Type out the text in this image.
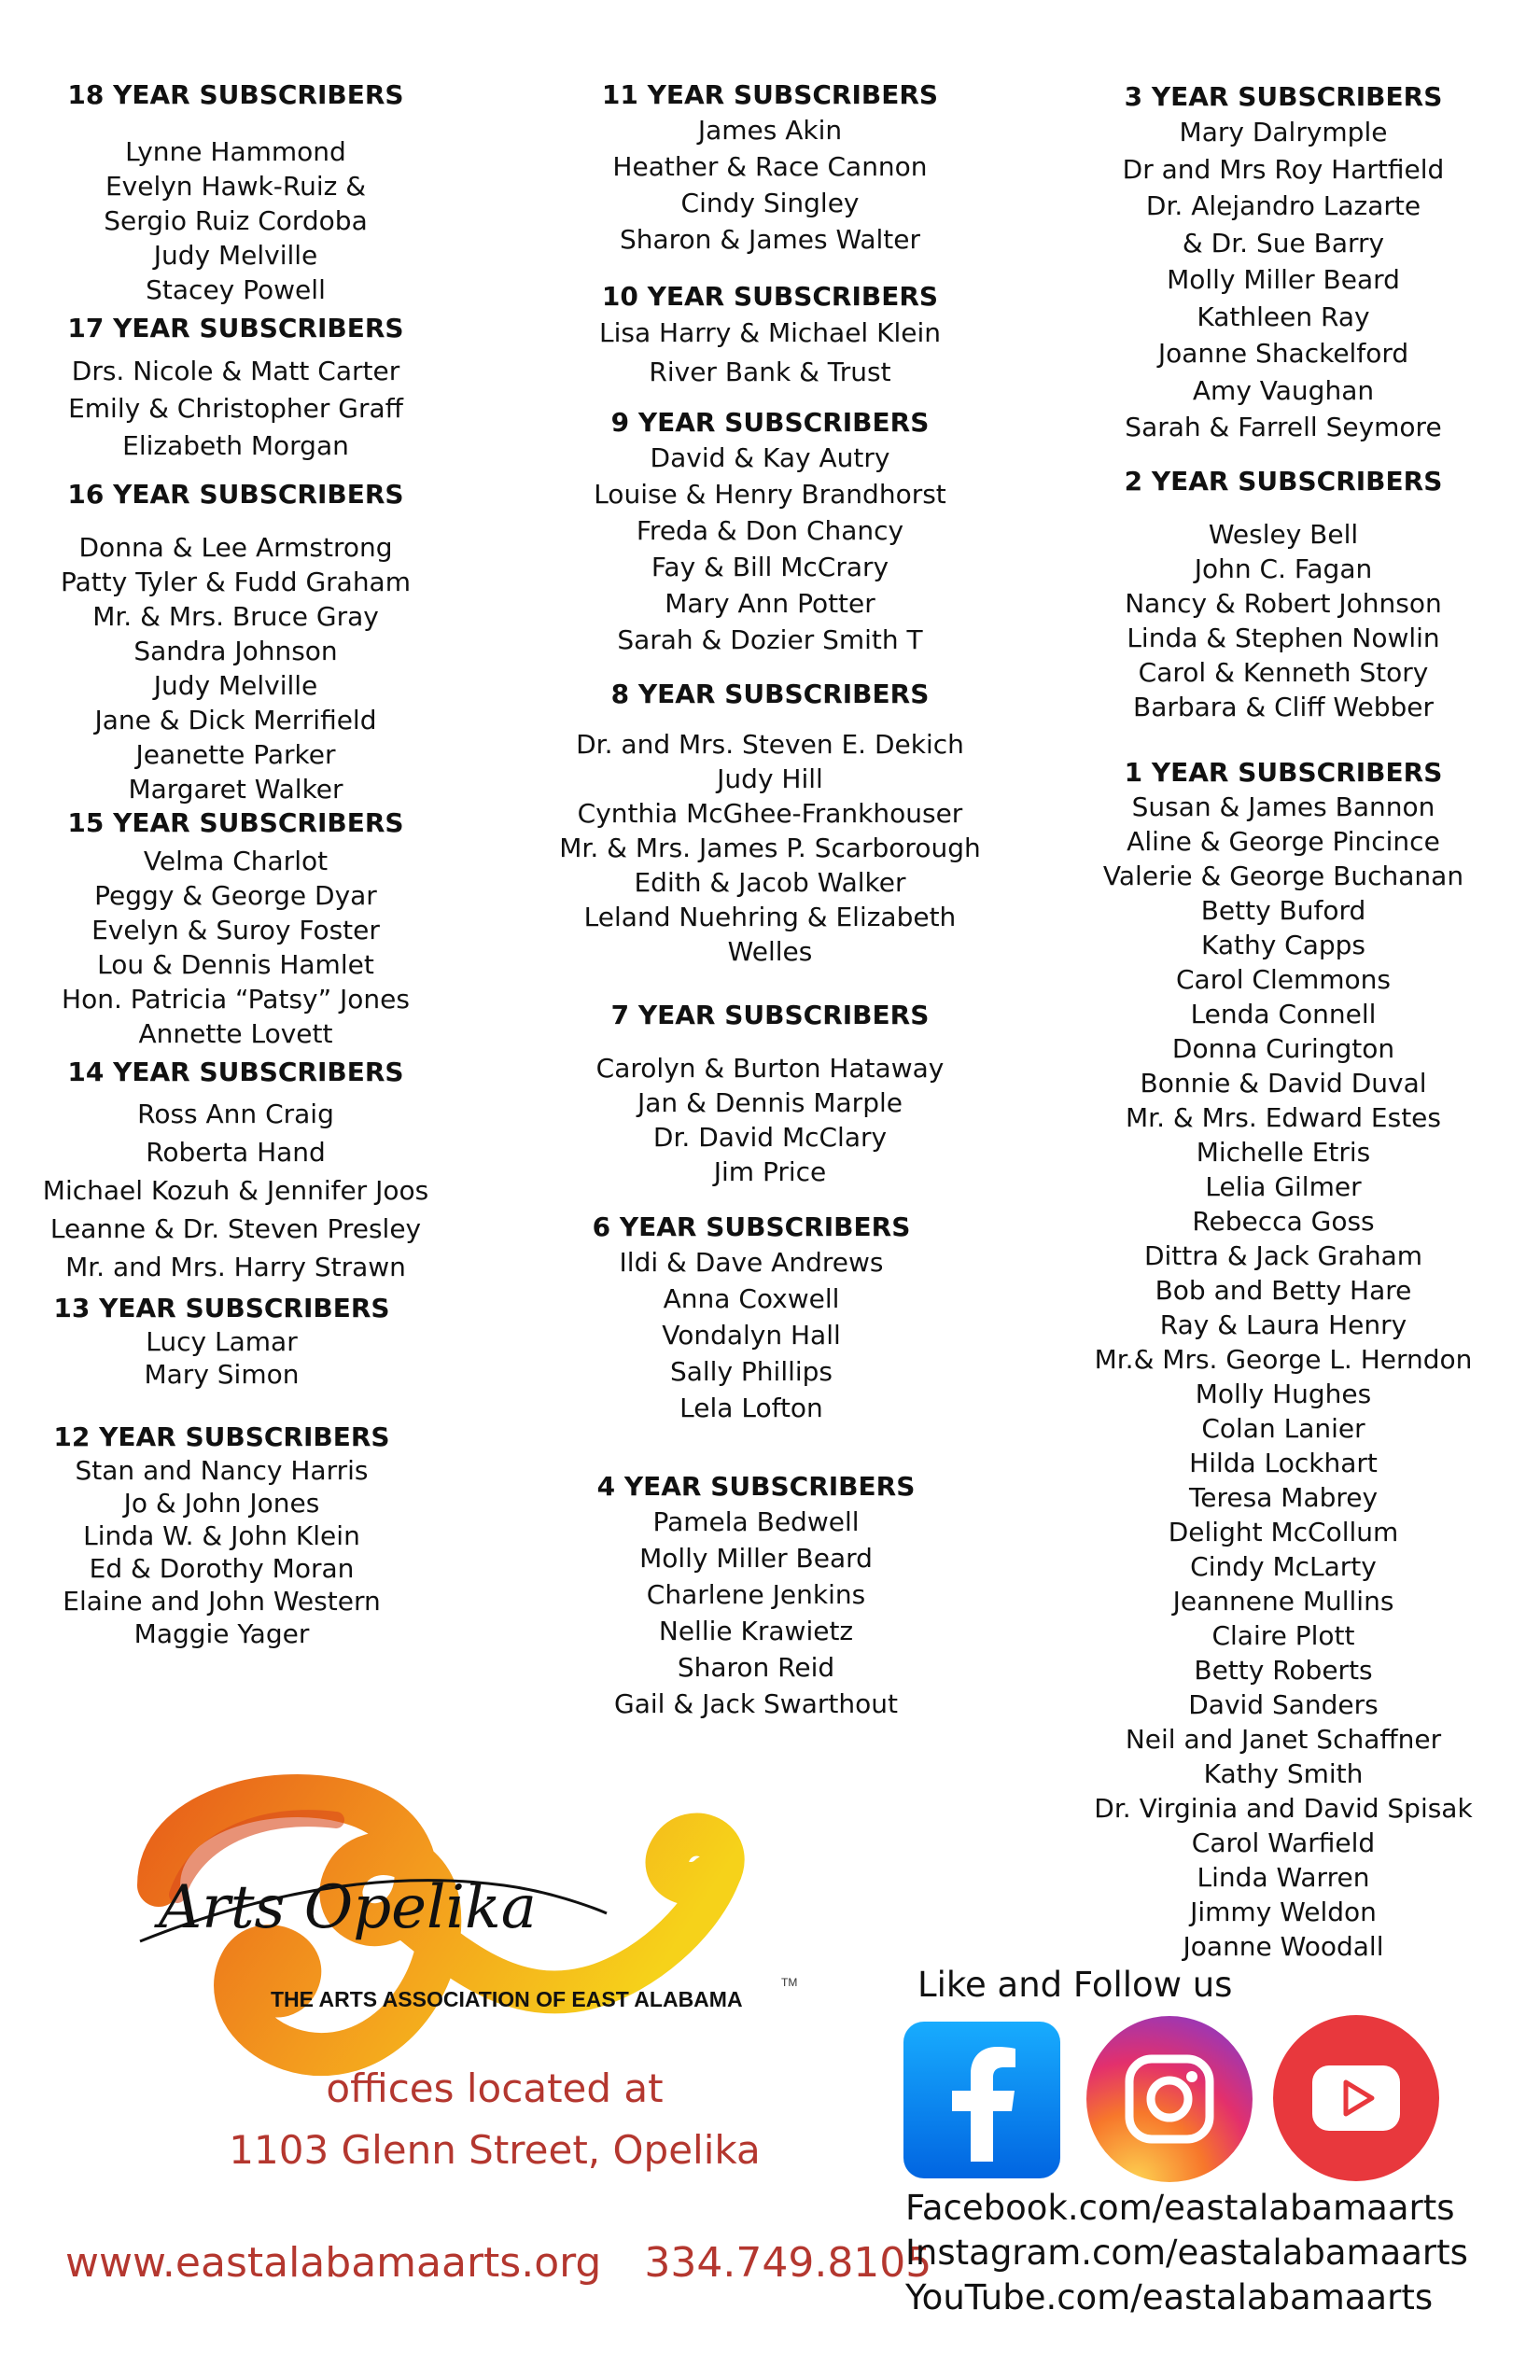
18 YEAR SUBSCRIBERS
Lynne Hammond
Evelyn Hawk-Ruiz &
Sergio Ruiz Cordoba
Judy Melville
Stacey Powell
17 YEAR SUBSCRIBERS
Drs. Nicole & Matt Carter
Emily & Christopher Graff
Elizabeth Morgan
16 YEAR SUBSCRIBERS
Donna & Lee Armstrong
Patty Tyler & Fudd Graham
Mr. & Mrs. Bruce Gray
Sandra Johnson
Judy Melville
Jane & Dick Merrifield
Jeanette Parker
Margaret Walker
15 YEAR SUBSCRIBERS
Velma Charlot
Peggy & George Dyar
Evelyn & Suroy Foster
Lou & Dennis Hamlet
Hon. Patricia “Patsy” Jones
Annette Lovett
14 YEAR SUBSCRIBERS
Ross Ann Craig
Roberta Hand
Michael Kozuh & Jennifer Joos
Leanne & Dr. Steven Presley
Mr. and Mrs. Harry Strawn
13 YEAR SUBSCRIBERS
Lucy Lamar
Mary Simon
12 YEAR SUBSCRIBERS
Stan and Nancy Harris
Jo & John Jones
Linda W. & John Klein
Ed & Dorothy Moran
Elaine and John Western
Maggie Yager
11 YEAR SUBSCRIBERS
James Akin
Heather & Race Cannon
Cindy Singley
Sharon & James Walter
10 YEAR SUBSCRIBERS
Lisa Harry & Michael Klein
River Bank & Trust
9 YEAR SUBSCRIBERS
David & Kay Autry
Louise & Henry Brandhorst
Freda & Don Chancy
Fay & Bill McCrary
Mary Ann Potter
Sarah & Dozier Smith T
8 YEAR SUBSCRIBERS
Dr. and Mrs. Steven E. Dekich
Judy Hill
Cynthia McGhee-Frankhouser
Mr. & Mrs. James P. Scarborough
Edith & Jacob Walker
Leland Nuehring & Elizabeth
Welles
7 YEAR SUBSCRIBERS
Carolyn & Burton Hataway
Jan & Dennis Marple
Dr. David McClary
Jim Price
6 YEAR SUBSCRIBERS
Ildi & Dave Andrews
Anna Coxwell
Vondalyn Hall
Sally Phillips
Lela Lofton
4 YEAR SUBSCRIBERS
Pamela Bedwell
Molly Miller Beard
Charlene Jenkins
Nellie Krawietz
Sharon Reid
Gail & Jack Swarthout
3 YEAR SUBSCRIBERS
Mary Dalrymple
Dr and Mrs Roy Hartfield
Dr. Alejandro Lazarte
& Dr. Sue Barry
Molly Miller Beard
Kathleen Ray
Joanne Shackelford
Amy Vaughan
Sarah & Farrell Seymore
2 YEAR SUBSCRIBERS
Wesley Bell
John C. Fagan
Nancy & Robert Johnson
Linda & Stephen Nowlin
Carol & Kenneth Story
Barbara & Cliff Webber
1 YEAR SUBSCRIBERS
Susan & James Bannon
Aline & George Pincince
Valerie & George Buchanan
Betty Buford
Kathy Capps
Carol Clemmons
Lenda Connell
Donna Curington
Bonnie & David Duval
Mr. & Mrs. Edward Estes
Michelle Etris
Lelia Gilmer
Rebecca Goss
Dittra & Jack Graham
Bob and Betty Hare
Ray & Laura Henry
Mr.& Mrs. George L. Herndon
Molly Hughes
Colan Lanier
Hilda Lockhart
Teresa Mabrey
Delight McCollum
Cindy McLarty
Jeannene Mullins
Claire Plott
Betty Roberts
David Sanders
Neil and Janet Schaffner
Kathy Smith
Dr. Virginia and David Spisak
Carol Warfield
Linda Warren
Jimmy Weldon
Joanne Woodall
Arts Opelika
THE ARTS ASSOCIATION OF EAST ALABAMA
TM
offices located at
1103 Glenn Street, Opelika
www.eastalabamaarts.org 334.749.8105
Like and Follow us
Facebook.com/eastalabamaarts
Instagram.com/eastalabamaarts
YouTube.com/eastalabamaarts
